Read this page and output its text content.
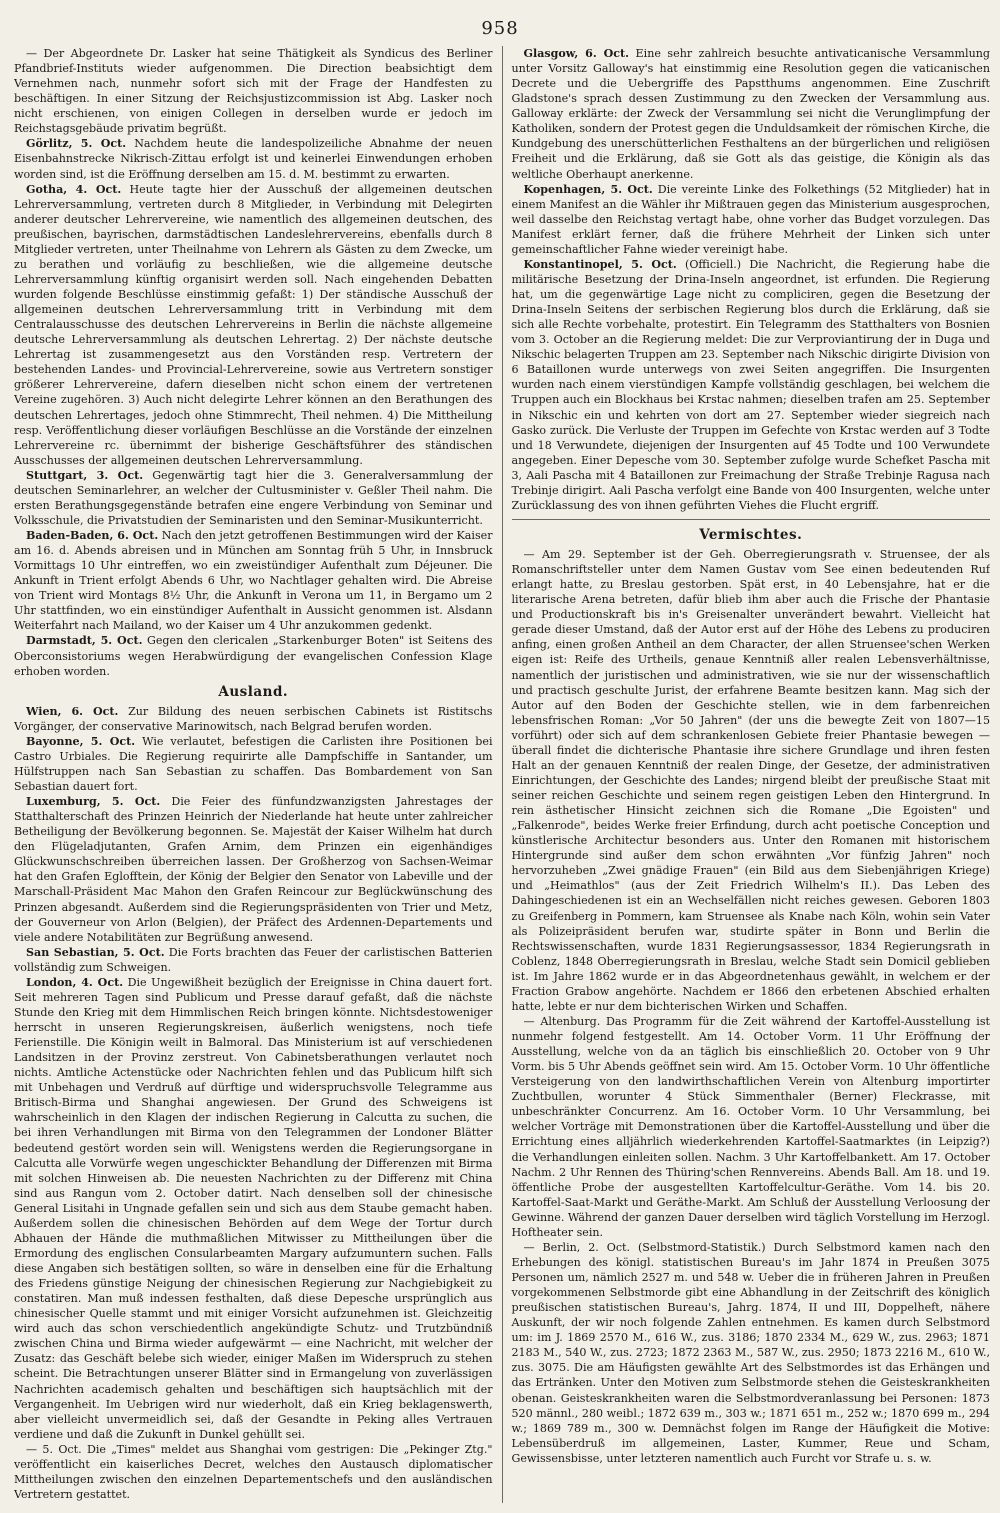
958

— Der Abgeordnete Dr. Lasker hat seine Thätigkeit als Syndicus des Berliner Pfandbrief-Instituts wieder aufgenommen. Die Direction beabsichtigt dem Vernehmen nach, nunmehr sofort sich mit der Frage der Handfesten zu beschäftigen. In einer Sitzung der Reichsjustizcommission ist Abg. Lasker noch nicht erschienen, von einigen Collegen in derselben wurde er jedoch im Reichstagsgebäude privatim begrüßt.

Görlitz, 5. Oct. Nachdem heute die landespolizeiliche Abnahme der neuen Eisenbahnstrecke Nikrisch-Zittau erfolgt ist und keinerlei Einwendungen erhoben worden sind, ist die Eröffnung derselben am 15. d. M. bestimmt zu erwarten.

Gotha, 4. Oct. Heute tagte hier der Ausschuß der allgemeinen deutschen Lehrerversammlung, vertreten durch 8 Mitglieder, in Verbindung mit Delegirten anderer deutscher Lehrervereine, wie namentlich des allgemeinen deutschen, des preußischen, bayrischen, darmstädtischen Landeslehrervereins, ebenfalls durch 8 Mitglieder vertreten, unter Theilnahme von Lehrern als Gästen zu dem Zwecke, um zu berathen und vorläufig zu beschließen, wie die allgemeine deutsche Lehrerversammlung künftig organisirt werden soll. Nach eingehenden Debatten wurden folgende Beschlüsse einstimmig gefaßt: 1) Der ständische Ausschuß der allgemeinen deutschen Lehrerversammlung tritt in Verbindung mit dem Centralausschusse des deutschen Lehrervereins in Berlin die nächste allgemeine deutsche Lehrerversammlung als deutschen Lehrertag. 2) Der nächste deutsche Lehrertag ist zusammengesetzt aus den Vorständen resp. Vertretern der bestehenden Landes- und Provincial-Lehrervereine, sowie aus Vertretern sonstiger größerer Lehrervereine, dafern dieselben nicht schon einem der vertretenen Vereine zugehören. 3) Auch nicht delegirte Lehrer können an den Berathungen des deutschen Lehrertages, jedoch ohne Stimmrecht, Theil nehmen. 4) Die Mittheilung resp. Veröffentlichung dieser vorläufigen Beschlüsse an die Vorstände der einzelnen Lehrervereine rc. übernimmt der bisherige Geschäftsführer des ständischen Ausschusses der allgemeinen deutschen Lehrerversammlung.

Stuttgart, 3. Oct. Gegenwärtig tagt hier die 3. Generalversammlung der deutschen Seminarlehrer, an welcher der Cultusminister v. Geßler Theil nahm. Die ersten Berathungsgegenstände betrafen eine engere Verbindung von Seminar und Volksschule, die Privatstudien der Seminaristen und den Seminar-Musikunterricht.

Baden-Baden, 6. Oct. Nach den jetzt getroffenen Bestimmungen wird der Kaiser am 16. d. Abends abreisen und in München am Sonntag früh 5 Uhr, in Innsbruck Vormittags 10 Uhr eintreffen, wo ein zweistündiger Aufenthalt zum Déjeuner. Die Ankunft in Trient erfolgt Abends 6 Uhr, wo Nachtlager gehalten wird. Die Abreise von Trient wird Montags 8½ Uhr, die Ankunft in Verona um 11, in Bergamo um 2 Uhr stattfinden, wo ein einstündiger Aufenthalt in Aussicht genommen ist. Alsdann Weiterfahrt nach Mailand, wo der Kaiser um 4 Uhr anzukommen gedenkt.

Darmstadt, 5. Oct. Gegen den clericalen „Starkenburger Boten" ist Seitens des Oberconsistoriums wegen Herabwürdigung der evangelischen Confession Klage erhoben worden.

Ausland.

Wien, 6. Oct. Zur Bildung des neuen serbischen Cabinets ist Ristitschs Vorgänger, der conservative Marinowitsch, nach Belgrad berufen worden.

Bayonne, 5. Oct. Wie verlautet, befestigen die Carlisten ihre Positionen bei Castro Urbiales. Die Regierung requirirte alle Dampfschiffe in Santander, um Hülfstruppen nach San Sebastian zu schaffen. Das Bombardement von San Sebastian dauert fort.

Luxemburg, 5. Oct. Die Feier des fünfundzwanzigsten Jahrestages der Statthalterschaft des Prinzen Heinrich der Niederlande hat heute unter zahlreicher Betheiligung der Bevölkerung begonnen. Se. Majestät der Kaiser Wilhelm hat durch den Flügeladjutanten, Grafen Arnim, dem Prinzen ein eigenhändiges Glückwunschschreiben überreichen lassen. Der Großherzog von Sachsen-Weimar hat den Grafen Eglofftein, der König der Belgier den Senator von Labeville und der Marschall-Präsident Mac Mahon den Grafen Reincour zur Beglückwünschung des Prinzen abgesandt. Außerdem sind die Regierungspräsidenten von Trier und Metz, der Gouverneur von Arlon (Belgien), der Präfect des Ardennen-Departements und viele andere Notabilitäten zur Begrüßung anwesend.

San Sebastian, 5. Oct. Die Forts brachten das Feuer der carlistischen Batterien vollständig zum Schweigen.

London, 4. Oct. Die Ungewißheit bezüglich der Ereignisse in China dauert fort. Seit mehreren Tagen sind Publicum und Presse darauf gefaßt, daß die nächste Stunde den Krieg mit dem Himmlischen Reich bringen könnte. Nichtsdestoweniger herrscht in unseren Regierungskreisen, äußerlich wenigstens, noch tiefe Ferienstille. Die Königin weilt in Balmoral. Das Ministerium ist auf verschiedenen Landsitzen in der Provinz zerstreut. Von Cabinetsberathungen verlautet noch nichts. Amtliche Actenstücke oder Nachrichten fehlen und das Publicum hilft sich mit Unbehagen und Verdruß auf dürftige und widerspruchsvolle Telegramme aus Britisch-Birma und Shanghai angewiesen. Der Grund des Schweigens ist wahrscheinlich in den Klagen der indischen Regierung in Calcutta zu suchen, die bei ihren Verhandlungen mit Birma von den Telegrammen der Londoner Blätter bedeutend gestört worden sein will. Wenigstens werden die Regierungsorgane in Calcutta alle Vorwürfe wegen ungeschickter Behandlung der Differenzen mit Birma mit solchen Hinweisen ab. Die neuesten Nachrichten zu der Differenz mit China sind aus Rangun vom 2. October datirt. Nach denselben soll der chinesische General Lisitahi in Ungnade gefallen sein und sich aus dem Staube gemacht haben. Außerdem sollen die chinesischen Behörden auf dem Wege der Tortur durch Abhauen der Hände die muthmaßlichen Mitwisser zu Mittheilungen über die Ermordung des englischen Consularbeamten Margary aufzumuntern suchen. Falls diese Angaben sich bestätigen sollten, so wäre in denselben eine für die Erhaltung des Friedens günstige Neigung der chinesischen Regierung zur Nachgiebigkeit zu constatiren. Man muß indessen festhalten, daß diese Depesche ursprünglich aus chinesischer Quelle stammt und mit einiger Vorsicht aufzunehmen ist. Gleichzeitig wird auch das schon verschiedentlich angekündigte Schutz- und Trutzbündniß zwischen China und Birma wieder aufgewärmt — eine Nachricht, mit welcher der Zusatz: das Geschäft belebe sich wieder, einiger Maßen im Widerspruch zu stehen scheint. Die Betrachtungen unserer Blätter sind in Ermangelung von zuverlässigen Nachrichten academisch gehalten und beschäftigen sich hauptsächlich mit der Vergangenheit. Im Uebrigen wird nur wiederholt, daß ein Krieg beklagenswerth, aber vielleicht unvermeidlich sei, daß der Gesandte in Peking alles Vertrauen verdiene und daß die Zukunft in Dunkel gehüllt sei.

— 5. Oct. Die „Times" meldet aus Shanghai vom gestrigen: Die „Pekinger Ztg." veröffentlicht ein kaiserliches Decret, welches den Austausch diplomatischer Mittheilungen zwischen den einzelnen Departementschefs und den ausländischen Vertretern gestattet.

Glasgow, 6. Oct. Eine sehr zahlreich besuchte antivaticanische Versammlung unter Vorsitz Galloway's hat einstimmig eine Resolution gegen die vaticanischen Decrete und die Uebergriffe des Papstthums angenommen. Eine Zuschrift Gladstone's sprach dessen Zustimmung zu den Zwecken der Versammlung aus. Galloway erklärte: der Zweck der Versammlung sei nicht die Verunglimpfung der Katholiken, sondern der Protest gegen die Unduldsamkeit der römischen Kirche, die Kundgebung des unerschütterlichen Festhaltens an der bürgerlichen und religiösen Freiheit und die Erklärung, daß sie Gott als das geistige, die Königin als das weltliche Oberhaupt anerkenne.

Kopenhagen, 5. Oct. Die vereinte Linke des Folkethings (52 Mitglieder) hat in einem Manifest an die Wähler ihr Mißtrauen gegen das Ministerium ausgesprochen, weil dasselbe den Reichstag vertagt habe, ohne vorher das Budget vorzulegen. Das Manifest erklärt ferner, daß die frühere Mehrheit der Linken sich unter gemeinschaftlicher Fahne wieder vereinigt habe.

Konstantinopel, 5. Oct. (Officiell.) Die Nachricht, die Regierung habe die militärische Besetzung der Drina-Inseln angeordnet, ist erfunden. Die Regierung hat, um die gegenwärtige Lage nicht zu compliciren, gegen die Besetzung der Drina-Inseln Seitens der serbischen Regierung blos durch die Erklärung, daß sie sich alle Rechte vorbehalte, protestirt. Ein Telegramm des Statthalters von Bosnien vom 3. October an die Regierung meldet: Die zur Verproviantirung der in Duga und Nikschic belagerten Truppen am 23. September nach Nikschic dirigirte Division von 6 Bataillonen wurde unterwegs von zwei Seiten angegriffen. Die Insurgenten wurden nach einem vierstündigen Kampfe vollständig geschlagen, bei welchem die Truppen auch ein Blockhaus bei Krstac nahmen; dieselben trafen am 25. September in Nikschic ein und kehrten von dort am 27. September wieder siegreich nach Gasko zurück. Die Verluste der Truppen im Gefechte von Krstac werden auf 3 Todte und 18 Verwundete, diejenigen der Insurgenten auf 45 Todte und 100 Verwundete angegeben. Einer Depesche vom 30. September zufolge wurde Schefket Pascha mit 3, Aali Pascha mit 4 Bataillonen zur Freimachung der Straße Trebinje Ragusa nach Trebinje dirigirt. Aali Pascha verfolgt eine Bande von 400 Insurgenten, welche unter Zurücklassung des von ihnen geführten Viehes die Flucht ergriff.

Vermischtes.

— Am 29. September ist der Geh. Oberregierungsrath v. Struensee, der als Romanschriftsteller unter dem Namen Gustav vom See einen bedeutenden Ruf erlangt hatte, zu Breslau gestorben. Spät erst, in 40 Lebensjahre, hat er die literarische Arena betreten, dafür blieb ihm aber auch die Frische der Phantasie und Productionskraft bis in's Greisenalter unverändert bewahrt. Vielleicht hat gerade dieser Umstand, daß der Autor erst auf der Höhe des Lebens zu produciren anfing, einen großen Antheil an dem Character, der allen Struensee'schen Werken eigen ist: Reife des Urtheils, genaue Kenntniß aller realen Lebensverhältnisse, namentlich der juristischen und administrativen, wie sie nur der wissenschaftlich und practisch geschulte Jurist, der erfahrene Beamte besitzen kann. Mag sich der Autor auf den Boden der Geschichte stellen, wie in dem farbenreichen lebensfrischen Roman: „Vor 50 Jahren" (der uns die bewegte Zeit von 1807—15 vorführt) oder sich auf dem schrankenlosen Gebiete freier Phantasie bewegen — überall findet die dichterische Phantasie ihre sichere Grundlage und ihren festen Halt an der genauen Kenntniß der realen Dinge, der Gesetze, der administrativen Einrichtungen, der Geschichte des Landes; nirgend bleibt der preußische Staat mit seiner reichen Geschichte und seinem regen geistigen Leben den Hintergrund. In rein ästhetischer Hinsicht zeichnen sich die Romane „Die Egoisten" und „Falkenrode", beides Werke freier Erfindung, durch acht poetische Conception und künstlerische Architectur besonders aus. Unter den Romanen mit historischem Hintergrunde sind außer dem schon erwähnten „Vor fünfzig Jahren" noch hervorzuheben „Zwei gnädige Frauen" (ein Bild aus dem Siebenjährigen Kriege) und „Heimathlos" (aus der Zeit Friedrich Wilhelm's II.). Das Leben des Dahingeschiedenen ist ein an Wechselfällen nicht reiches gewesen. Geboren 1803 zu Greifenberg in Pommern, kam Struensee als Knabe nach Köln, wohin sein Vater als Polizeipräsident berufen war, studirte später in Bonn und Berlin die Rechtswissenschaften, wurde 1831 Regierungsassessor, 1834 Regierungsrath in Coblenz, 1848 Oberregierungsrath in Breslau, welche Stadt sein Domicil geblieben ist. Im Jahre 1862 wurde er in das Abgeordnetenhaus gewählt, in welchem er der Fraction Grabow angehörte. Nachdem er 1866 den erbetenen Abschied erhalten hatte, lebte er nur dem bichterischen Wirken und Schaffen.

— Altenburg. Das Programm für die Zeit während der Kartoffel-Ausstellung ist nunmehr folgend festgestellt. Am 14. October Vorm. 11 Uhr Eröffnung der Ausstellung, welche von da an täglich bis einschließlich 20. October von 9 Uhr Vorm. bis 5 Uhr Abends geöffnet sein wird. Am 15. October Vorm. 10 Uhr öffentliche Versteigerung von den landwirthschaftlichen Verein von Altenburg importirter Zuchtbullen, worunter 4 Stück Simmenthaler (Berner) Fleckrasse, mit unbeschränkter Concurrenz. Am 16. October Vorm. 10 Uhr Versammlung, bei welcher Vorträge mit Demonstrationen über die Kartoffel-Ausstellung und über die Errichtung eines alljährlich wiederkehrenden Kartoffel-Saatmarktes (in Leipzig?) die Verhandlungen einleiten sollen. Nachm. 3 Uhr Kartoffelbankett. Am 17. October Nachm. 2 Uhr Rennen des Thüring'schen Rennvereins. Abends Ball. Am 18. und 19. öffentliche Probe der ausgestellten Kartoffelcultur-Geräthe. Vom 14. bis 20. Kartoffel-Saat-Markt und Geräthe-Markt. Am Schluß der Ausstellung Verloosung der Gewinne. Während der ganzen Dauer derselben wird täglich Vorstellung im Herzogl. Hoftheater sein.

— Berlin, 2. Oct. (Selbstmord-Statistik.) Durch Selbstmord kamen nach den Erhebungen des königl. statistischen Bureau's im Jahr 1874 in Preußen 3075 Personen um, nämlich 2527 m. und 548 w. Ueber die in früheren Jahren in Preußen vorgekommenen Selbstmorde gibt eine Abhandlung in der Zeitschrift des königlich preußischen statistischen Bureau's, Jahrg. 1874, II und III, Doppelheft, nähere Auskunft, der wir noch folgende Zahlen entnehmen. Es kamen durch Selbstmord um: im J. 1869 2570 M., 616 W., zus. 3186; 1870 2334 M., 629 W., zus. 2963; 1871 2183 M., 540 W., zus. 2723; 1872 2363 M., 587 W., zus. 2950; 1873 2216 M., 610 W., zus. 3075. Die am Häufigsten gewählte Art des Selbstmordes ist das Erhängen und das Ertränken. Unter den Motiven zum Selbstmorde stehen die Geisteskrankheiten obenan. Geisteskrankheiten waren die Selbstmordveranlassung bei Personen: 1873 520 männl., 280 weibl.; 1872 639 m., 303 w.; 1871 651 m., 252 w.; 1870 699 m., 294 w.; 1869 789 m., 300 w. Demnächst folgen im Range der Häufigkeit die Motive: Lebensüberdruß im allgemeinen, Laster, Kummer, Reue und Scham, Gewissensbisse, unter letzteren namentlich auch Furcht vor Strafe u. s. w.
